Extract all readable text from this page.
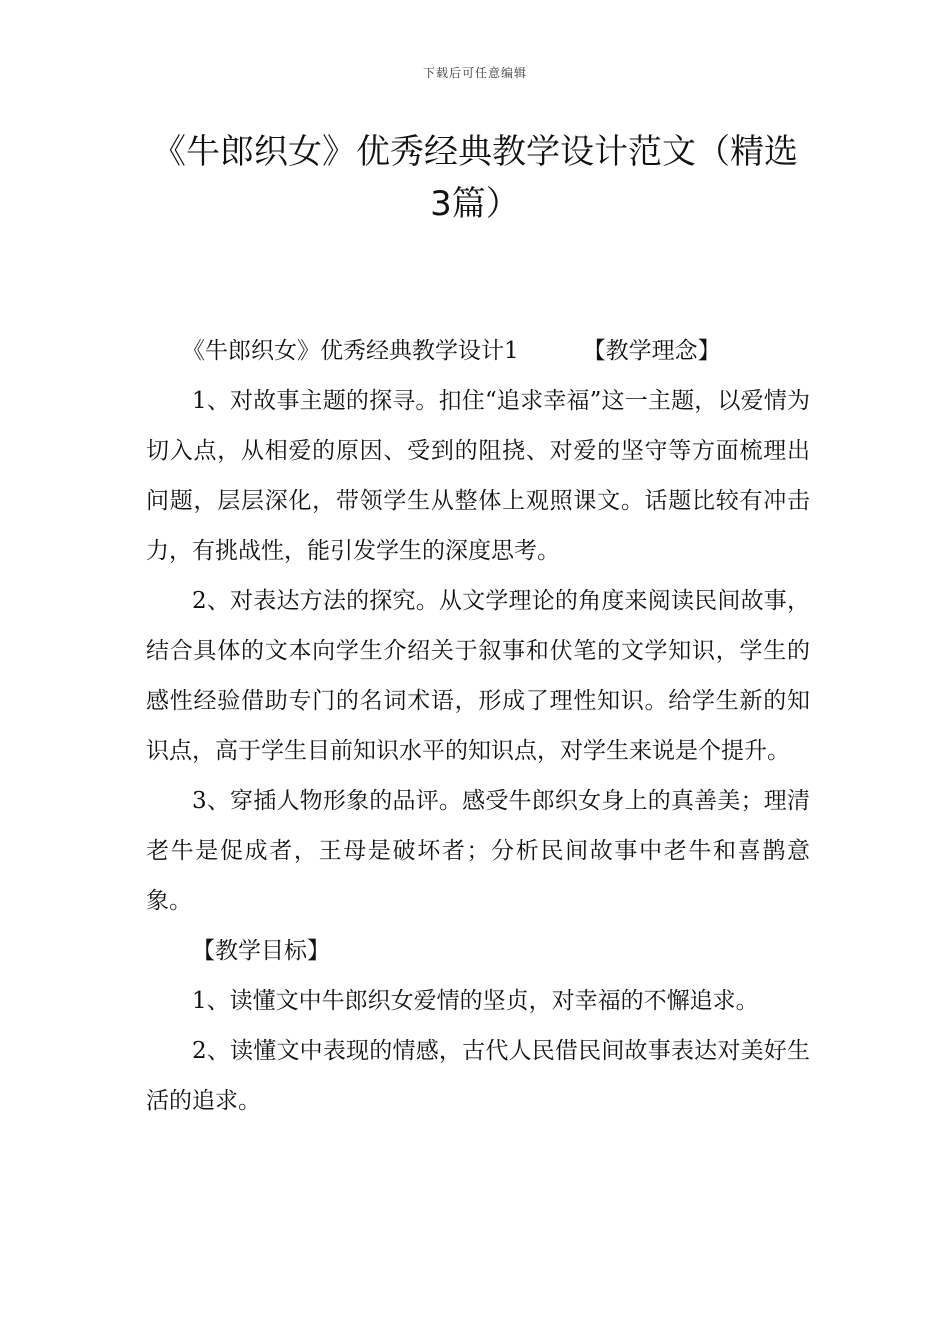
下载后可任意编辑
《牛郎织女》优秀经典教学设计范文（精选3篇）
《牛郎织女》优秀经典教学设计1	【教学理念】

1、对故事主题的探寻。扣住“追求幸福”这一主题，以爱情为切入点，从相爱的原因、受到的阻挠、对爱的坚守等方面梳理出问题，层层深化，带领学生从整体上观照课文。话题比较有冲击力，有挑战性，能引发学生的深度思考。

2、对表达方法的探究。从文学理论的角度来阅读民间故事，结合具体的文本向学生介绍关于叙事和伏笔的文学知识，学生的感性经验借助专门的名词术语，形成了理性知识。给学生新的知识点，高于学生目前知识水平的知识点，对学生来说是个提升。

3、穿插人物形象的品评。感受牛郎织女身上的真善美；理清老牛是促成者，王母是破坏者；分析民间故事中老牛和喜鹊意象。

【教学目标】

1、读懂文中牛郎织女爱情的坚贞，对幸福的不懈追求。

2、读懂文中表现的情感，古代人民借民间故事表达对美好生活的追求。
